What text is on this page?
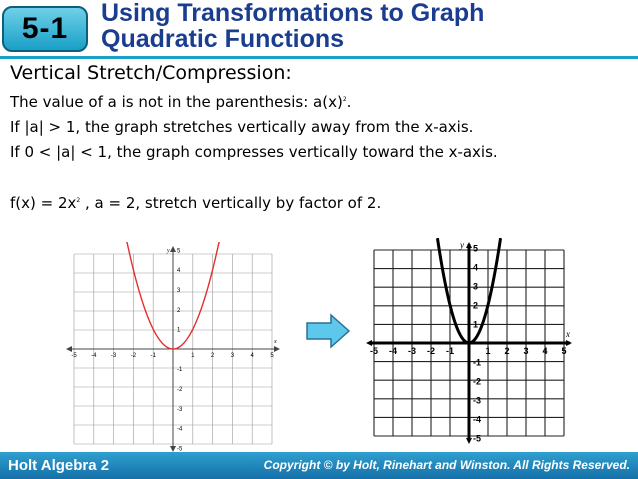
5-1 Using Transformations to Graph
Quadratic Functions
Vertical Stretch/Compression:
The value of a is not in the parenthesis: $a(x)^2$.
If |a| > 1, the graph stretches vertically away from the x-axis.
If 0 < |a| < 1, the graph compresses vertically toward the x-axis.
$f(x) = 2x^2$ , a = 2, stretch vertically by factor of 2.
-5 -4 -3 -2 -1	1	2	3	4	5
5
4
3
2
1
-1
-2
-3
-4
-5
x
y
-5 -4 -3 -2 -1	1 2 3 4 5
5
4
3
2
1
-1
-2
-3
-4
-5
x
y
Holt Algebra 2	Copyright © by Holt, Rinehart and Winston. All Rights Reserved.
